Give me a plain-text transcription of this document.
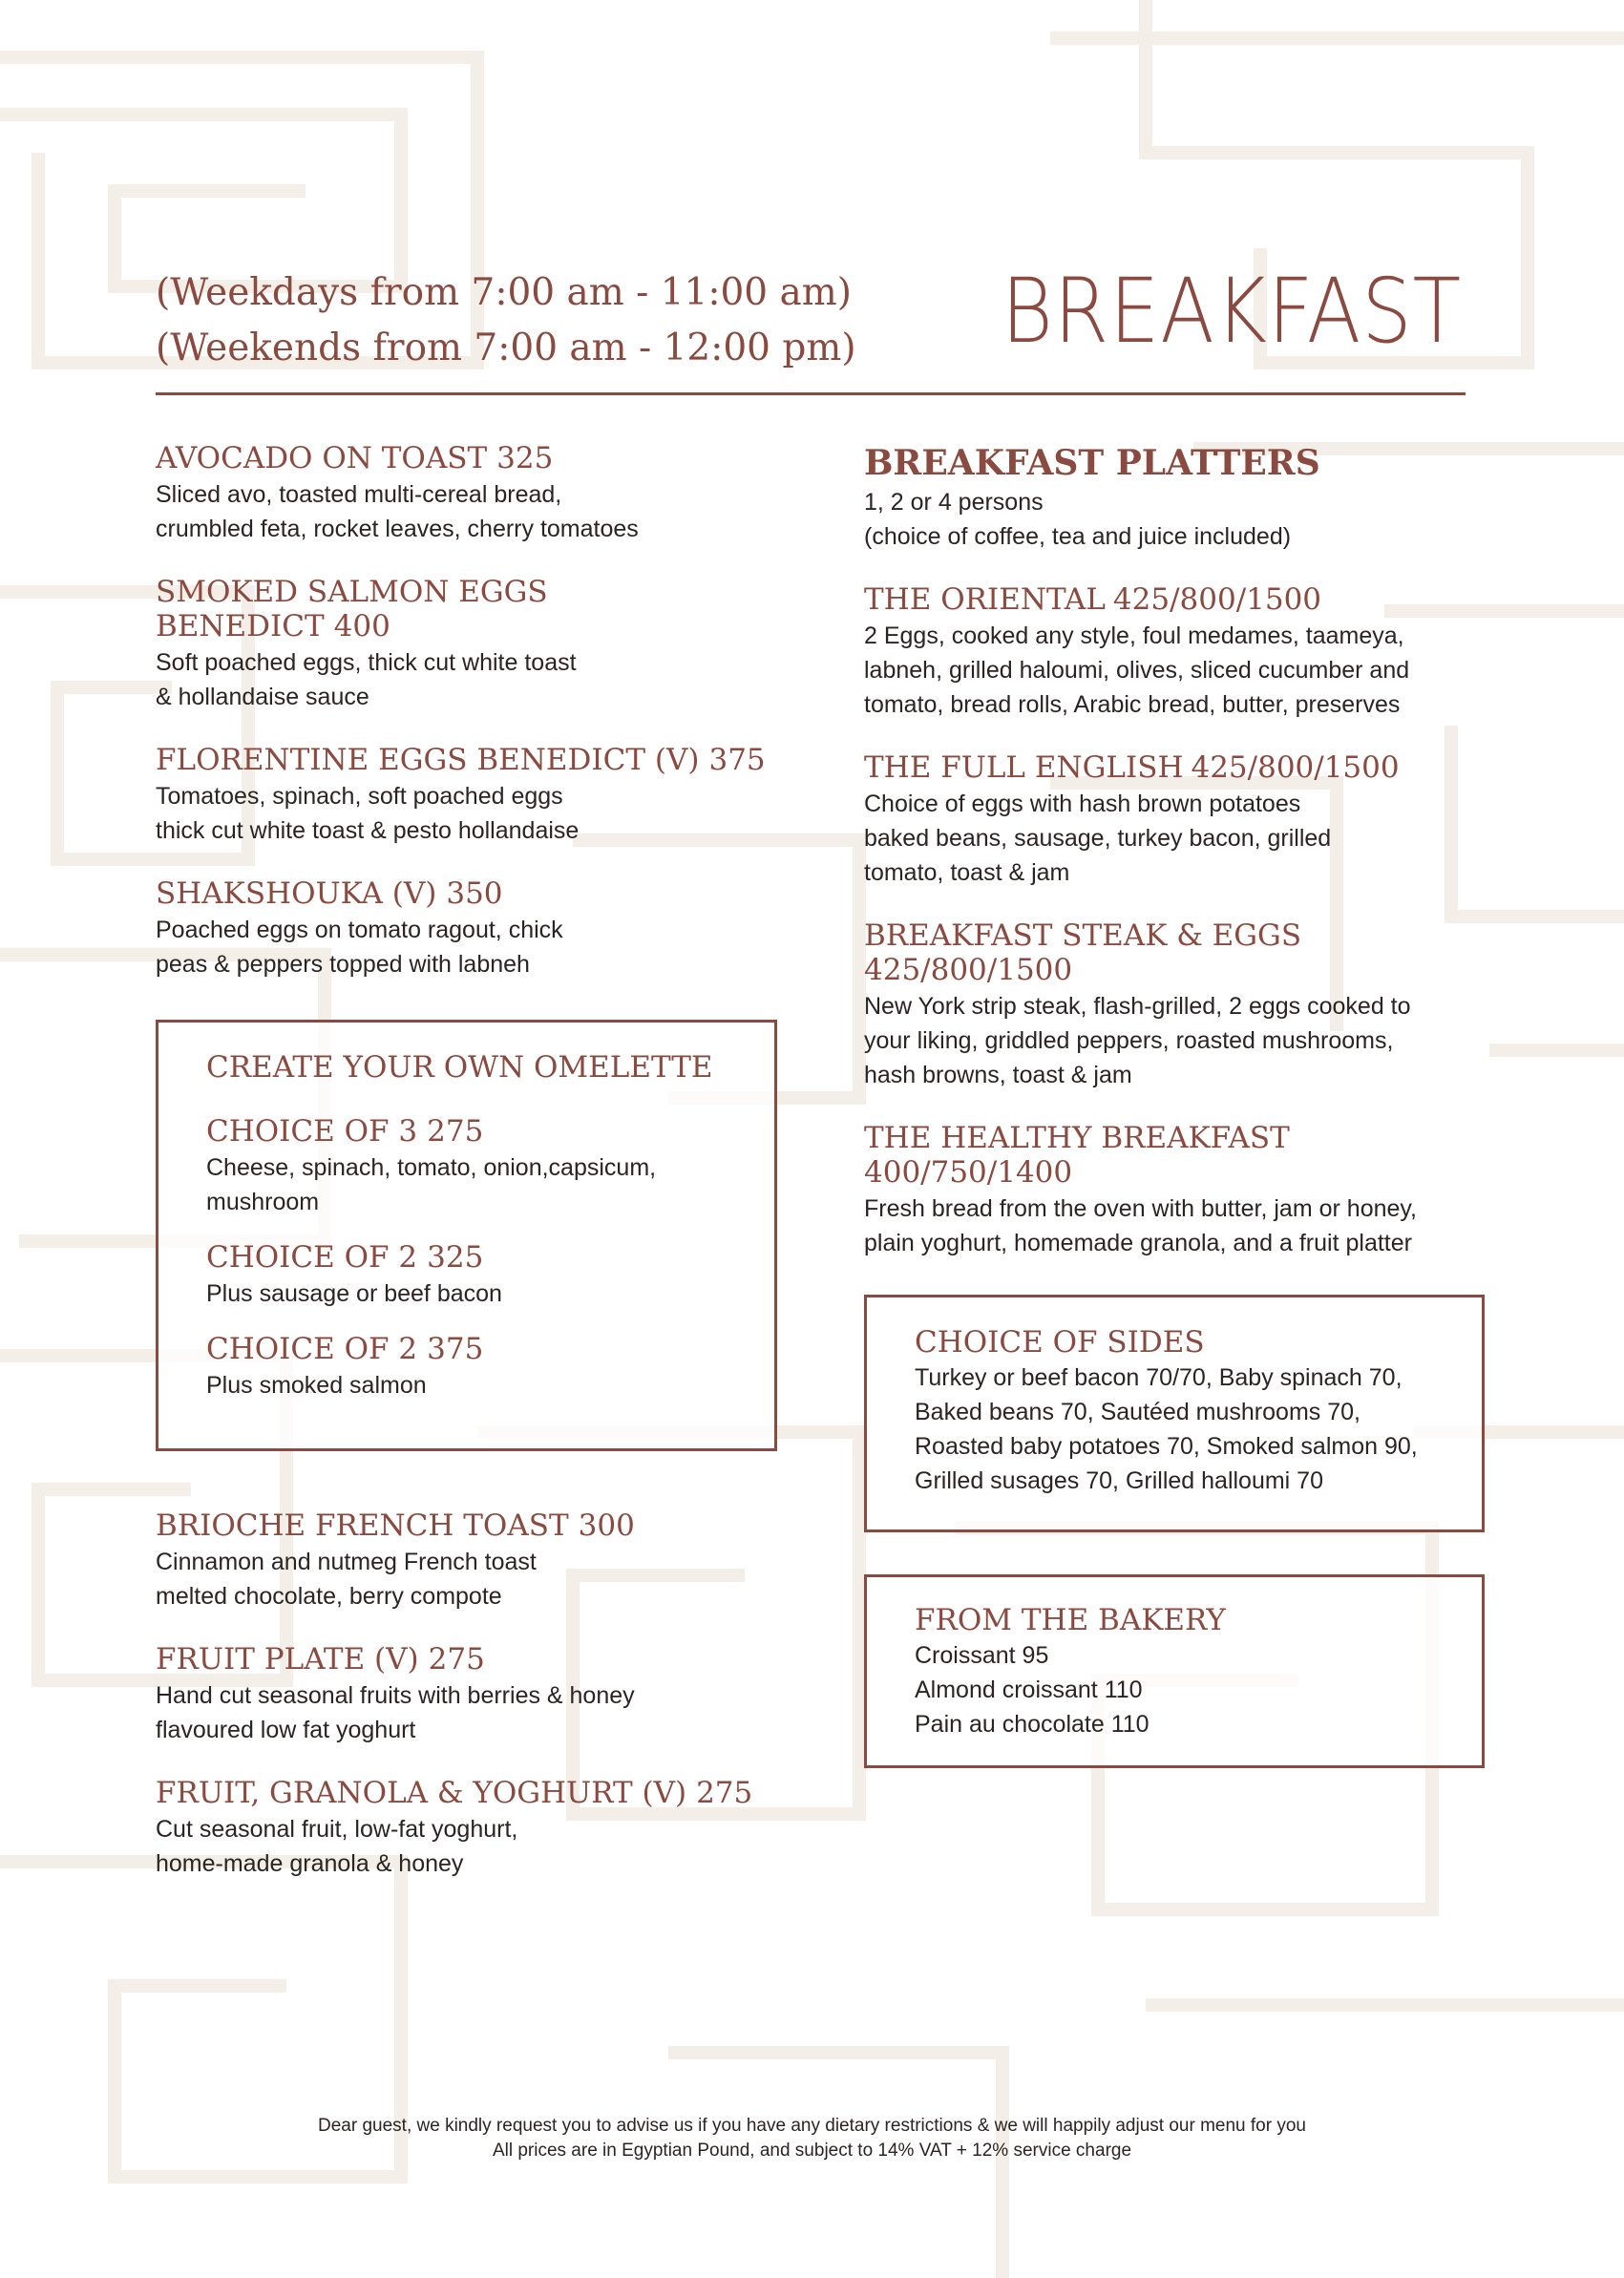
(Weekdays from 7:00 am - 11:00 am)
(Weekends from 7:00 am - 12:00 pm) BREAKFAST
AVOCADO ON TOAST 325
Sliced avo, toasted multi-cereal bread,
crumbled feta, rocket leaves, cherry tomatoes
SMOKED SALMON EGGS
BENEDICT 400
Soft poached eggs, thick cut white toast
& hollandaise sauce
FLORENTINE EGGS BENEDICT (V) 375
Tomatoes, spinach, soft poached eggs
thick cut white toast & pesto hollandaise
SHAKSHOUKA (V) 350
Poached eggs on tomato ragout, chick
peas & peppers topped with labneh
CREATE YOUR OWN OMELETTE
CHOICE OF 3 275
Cheese, spinach, tomato, onion,capsicum,
mushroom
CHOICE OF 2 325
Plus sausage or beef bacon
CHOICE OF 2 375
Plus smoked salmon
BRIOCHE FRENCH TOAST 300
Cinnamon and nutmeg French toast
melted chocolate, berry compote
FRUIT PLATE (V) 275
Hand cut seasonal fruits with berries & honey
flavoured low fat yoghurt
FRUIT, GRANOLA & YOGHURT (V) 275
Cut seasonal fruit, low-fat yoghurt,
home-made granola & honey
BREAKFAST PLATTERS
1, 2 or 4 persons
(choice of coffee, tea and juice included)
THE ORIENTAL 425/800/1500
2 Eggs, cooked any style, foul medames, taameya,
labneh, grilled haloumi, olives, sliced cucumber and
tomato, bread rolls, Arabic bread, butter, preserves
THE FULL ENGLISH 425/800/1500
Choice of eggs with hash brown potatoes
baked beans, sausage, turkey bacon, grilled
tomato, toast & jam
BREAKFAST STEAK & EGGS
425/800/1500
New York strip steak, flash-grilled, 2 eggs cooked to
your liking, griddled peppers, roasted mushrooms,
hash browns, toast & jam
THE HEALTHY BREAKFAST
400/750/1400
Fresh bread from the oven with butter, jam or honey,
plain yoghurt, homemade granola, and a fruit platter
CHOICE OF SIDES
Turkey or beef bacon 70/70, Baby spinach 70,
Baked beans 70, Sautéed mushrooms 70,
Roasted baby potatoes 70, Smoked salmon 90,
Grilled susages 70, Grilled halloumi 70
FROM THE BAKERY
Croissant 95
Almond croissant 110
Pain au chocolate 110
Dear guest, we kindly request you to advise us if you have any dietary restrictions & we will happily adjust our menu for you
All prices are in Egyptian Pound, and subject to 14% VAT + 12% service charge
